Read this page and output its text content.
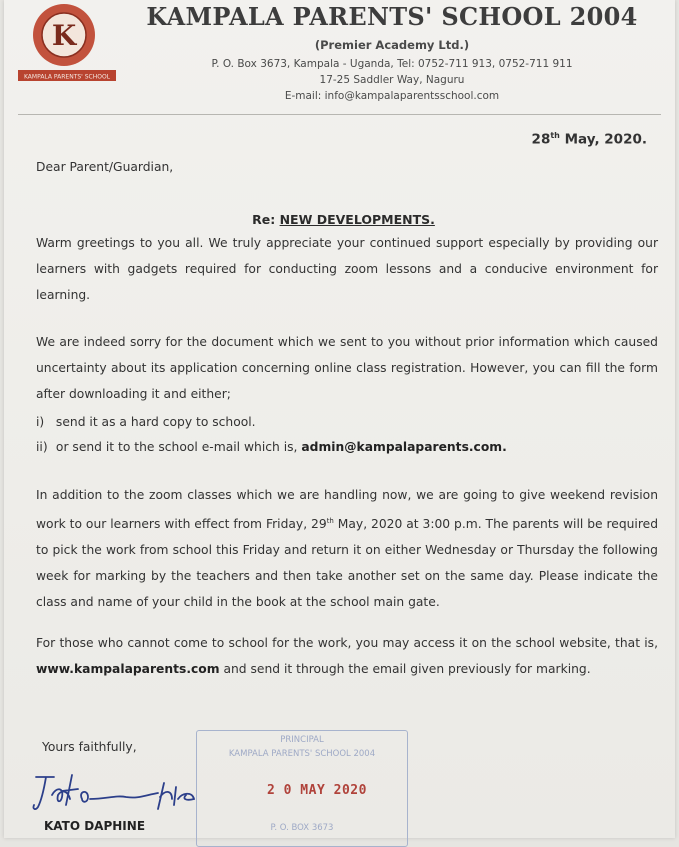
K
KAMPALA PARENTS' SCHOOL
KAMPALA PARENTS' SCHOOL 2004
(Premier Academy Ltd.)
P. O. Box 3673, Kampala - Uganda, Tel: 0752-711 913, 0752-711 911
17-25 Saddler Way, Naguru
E-mail: info@kampalaparentsschool.com
28th May, 2020.
Dear Parent/Guardian,
Re: NEW DEVELOPMENTS.
Warm greetings to you all. We truly appreciate your continued support especially by providing our learners with gadgets required for conducting zoom lessons and a conducive environment for learning.
We are indeed sorry for the document which we sent to you without prior information which caused uncertainty about its application concerning online class registration. However, you can fill the form after downloading it and either;
i) send it as a hard copy to school.
ii) or send it to the school e-mail which is, admin@kampalaparents.com.
In addition to the zoom classes which we are handling now, we are going to give weekend revision work to our learners with effect from Friday, 29th May, 2020 at 3:00 p.m. The parents will be required to pick the work from school this Friday and return it on either Wednesday or Thursday the following week for marking by the teachers and then take another set on the same day. Please indicate the class and name of your child in the book at the school main gate.
For those who cannot come to school for the work, you may access it on the school website, that is, www.kampalaparents.com and send it through the email given previously for marking.
Yours faithfully,	PRINCIPAL
KAMPALA PARENTS' SCHOOL 2004
P. O. BOX 3673
2 0 MAY 2020
KATO DAPHINE
